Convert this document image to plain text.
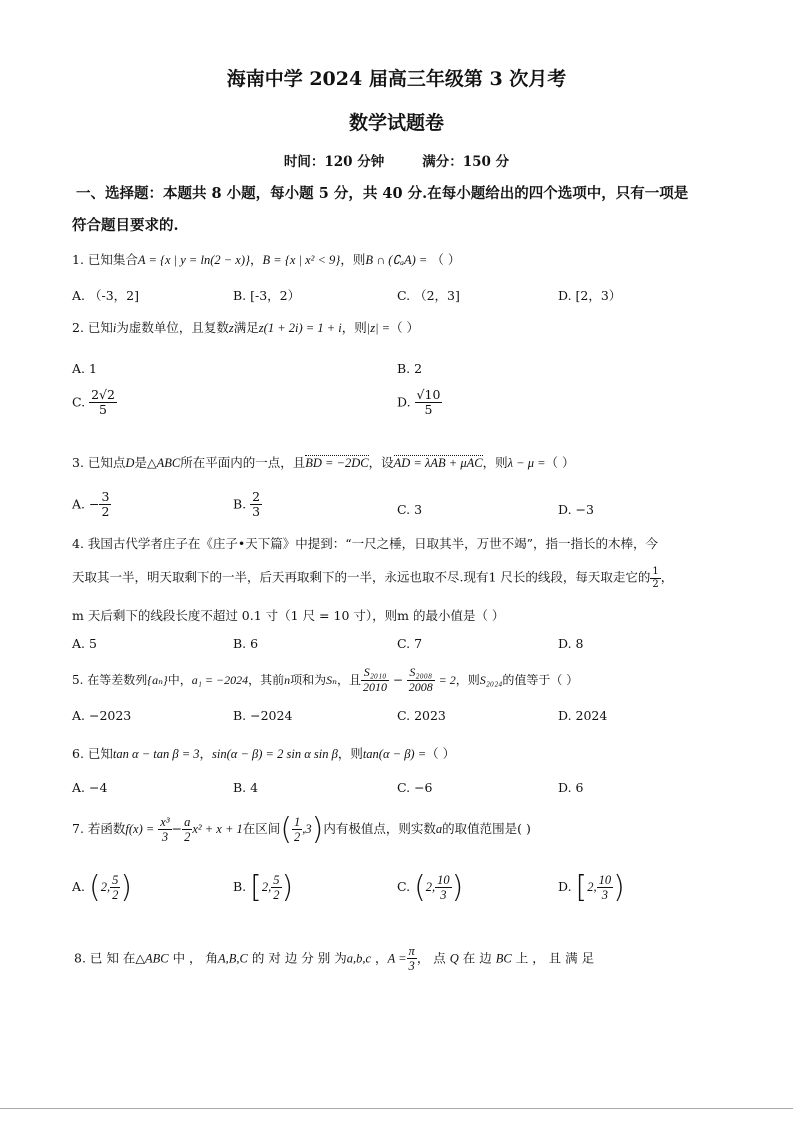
海南中学 2024 届高三年级第 3 次月考
数学试题卷
时间：120 分钟	满分：150 分
一、选择题：本题共 8 小题，每小题 5 分，共 40 分.在每小题给出的四个选项中，只有一项是
符合题目要求的.
1. 已知集合A = {x | y = ln(2 − x)}，B = {x | x² < 9}，则B ∩ (∁ₐA) = （ ）
A. （-3，2]	B. [-3，2）	C. （2，3]	D. [2，3）
2. 已知i为虚数单位，且复数z满足z(1 + 2i) = 1 + i，则|z| =（ ）
A. 1	B. 2
C. $\frac{2√2}{5}$	D. $\frac{√10}{5}$
3. 已知点D是△ABC所在平面内的一点，且BD = −2DC，设AD = λAB + μAC，则λ − μ =（ ）
A. − $\frac{3}{2}$	B. $\frac{2}{3}$	C. 3	D. −3
4. 我国古代学者庄子在《庄子•天下篇》中提到：“一尺之棰，日取其半，万世不竭”，指一指长的木棒，今
天取其一半，明天取剩下的一半，后天再取剩下的一半，永远也取不尽.现有1 尺长的线段，每天取走它的 $\frac{1}{2}$ ，
m 天后剩下的线段长度不超过 0.1 寸（1 尺 = 10 寸），则m 的最小值是（ ）
A. 5	B. 6	C. 7	D. 8
5. 在等差数列{aₙ}中，a₁ = −2024，其前n项和为Sₙ，且 $\frac{\text{S₂₀₁₀}}{2010} - \frac{\text{S₂₀₀₈}}{2008} = 2$，则S₂₀₂₄的值等于（ ）
A. −2023	B. −2024	C. 2023	D. 2024
6. 已知tan α − tan β = 3，sin(α − β) = 2 sin α sin β，则tan(α − β) =（ ）
A. −4	B. 4	C. −6	D. 6
7. 若函数$f(x) = \frac{\text{x³}}{3} - \frac{a}{2} x^2 + x + 1$在区间( $\frac{1}{2} ,3$)内有极值点，则实数a的取值范围是( )
A. (2, $\frac{5}{2}$ )	B. [2, $\frac{5}{2}$ )	C. (2, $\frac{10}{3}$ )	D. [2, $\frac{10}{3}$ )
8. 已 知 在△ABC 中 ， 角A,B,C 的 对 边 分 别 为a,b,c ，$A = \frac{\pi}{3}$ ， 点 Q 在 边 BC 上 ， 且 满 足
